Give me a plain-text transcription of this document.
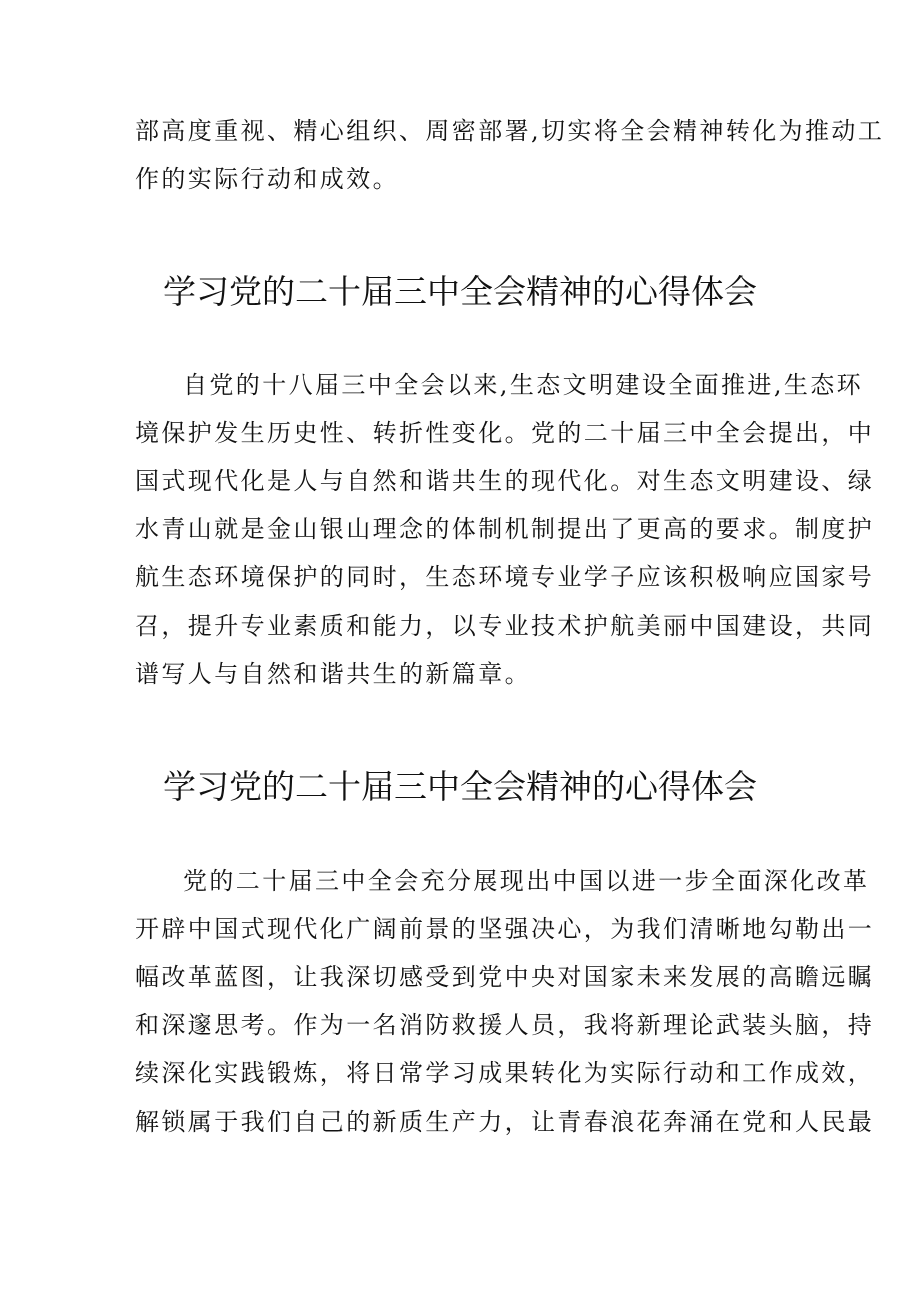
部高度重视、精心组织、周密部署,切实将全会精神转化为推动工
作的实际行动和成效。
学习党的二十届三中全会精神的心得体会
自党的十八届三中全会以来,生态文明建设全面推进,生态环
境保护发生历史性、转折性变化。党的二十届三中全会提出，中
国式现代化是人与自然和谐共生的现代化。对生态文明建设、绿
水青山就是金山银山理念的体制机制提出了更高的要求。制度护
航生态环境保护的同时，生态环境专业学子应该积极响应国家号
召，提升专业素质和能力，以专业技术护航美丽中国建设，共同
谱写人与自然和谐共生的新篇章。
学习党的二十届三中全会精神的心得体会
党的二十届三中全会充分展现出中国以进一步全面深化改革
开辟中国式现代化广阔前景的坚强决心，为我们清晰地勾勒出一
幅改革蓝图，让我深切感受到党中央对国家未来发展的高瞻远瞩
和深邃思考。作为一名消防救援人员，我将新理论武装头脑，持
续深化实践锻炼，将日常学习成果转化为实际行动和工作成效，
解锁属于我们自己的新质生产力，让青春浪花奔涌在党和人民最
